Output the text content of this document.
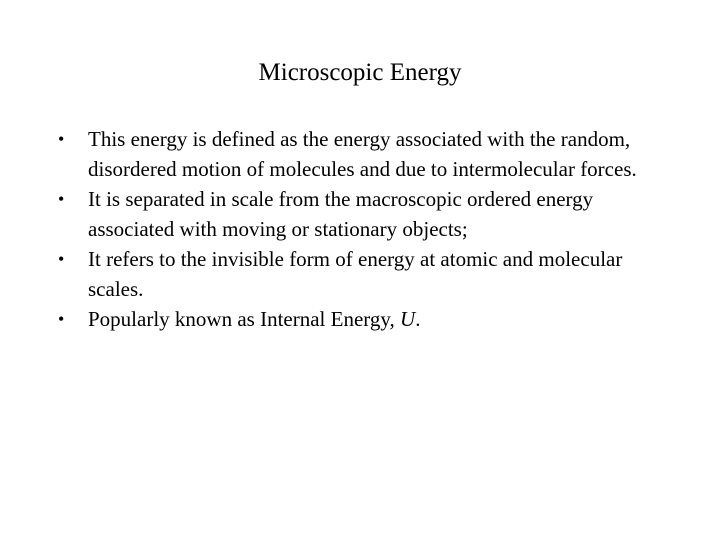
Microscopic Energy
•	This energy is defined as the energy associated with the random, disordered motion of molecules and due to intermolecular forces.
•	It is separated in scale from the macroscopic ordered energy associated with moving or stationary objects;
•	It refers to the invisible form of energy at atomic and molecular scales.
•	Popularly known as Internal Energy, U.
